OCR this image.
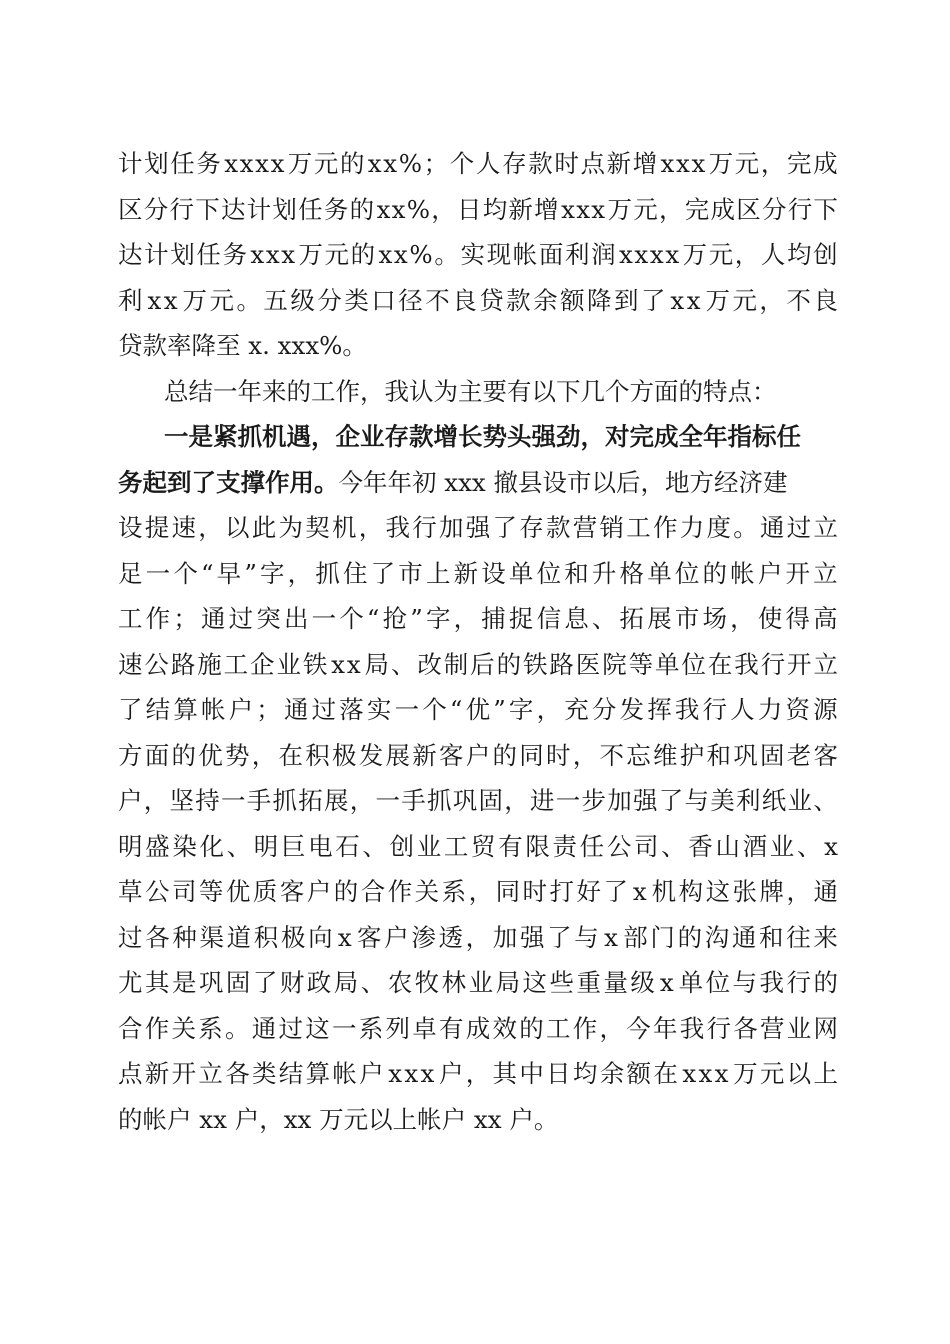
计 划 任 务 x x x x 万 元 的 x x % ； 个 人 存 款 时 点 新 增 x x x 万 元 ， 完 成
区 分 行 下 达 计 划 任 务 的 x x % ， 日 均 新 增 x x x 万 元 ， 完 成 区 分 行 下
达 计 划 任 务 x x x 万 元 的 x x % 。 实 现 帐 面 利 润 x x x x 万 元 ， 人 均 创
利 x x 万 元 。 五 级 分 类 口 径 不 良 贷 款 余 额 降 到 了 x x 万 元 ， 不 良
贷款率降至 x. xxx%。
总结一年来的工作，我认为主要有以下几个方面的特点：
一是紧抓机遇，企业存款增长势头强劲，对完成全年指标任
务起到了支撑作用。今年年初 xxx 撤县设市以后，地方经济建
设 提 速 ， 以 此 为 契 机 ， 我 行 加 强 了 存 款 营 销 工 作 力 度 。 通 过 立
足 一 个 “ 早 ” 字 ， 抓 住 了 市 上 新 设 单 位 和 升 格 单 位 的 帐 户 开 立
工 作 ； 通 过 突 出 一 个 “ 抢 ” 字 ， 捕 捉 信 息 、 拓 展 市 场 ， 使 得 高
速 公 路 施 工 企 业 铁 x x 局 、 改 制 后 的 铁 路 医 院 等 单 位 在 我 行 开 立
了 结 算 帐 户 ； 通 过 落 实 一 个 “ 优 ” 字 ， 充 分 发 挥 我 行 人 力 资 源
方 面 的 优 势 ， 在 积 极 发 展 新 客 户 的 同 时 ， 不 忘 维 护 和 巩 固 老 客
户 ， 坚 持 一 手 抓 拓 展 ， 一 手 抓 巩 固 ， 进 一 步 加 强 了 与 美 利 纸 业 、
明 盛 染 化 、 明 巨 电 石 、 创 业 工 贸 有 限 责 任 公 司 、 香 山 酒 业 、 x
草 公 司 等 优 质 客 户 的 合 作 关 系 ， 同 时 打 好 了 x 机 构 这 张 牌 ， 通
过 各 种 渠 道 积 极 向 x 客 户 渗 透 ， 加 强 了 与 x 部 门 的 沟 通 和 往 来
尤 其 是 巩 固 了 财 政 局 、 农 牧 林 业 局 这 些 重 量 级 x 单 位 与 我 行 的
合 作 关 系 。 通 过 这 一 系 列 卓 有 成 效 的 工 作 ， 今 年 我 行 各 营 业 网
点 新 开 立 各 类 结 算 帐 户 x x x 户 ， 其 中 日 均 余 额 在 x x x 万 元 以 上
的帐户 xx 户，xx 万元以上帐户 xx 户。
